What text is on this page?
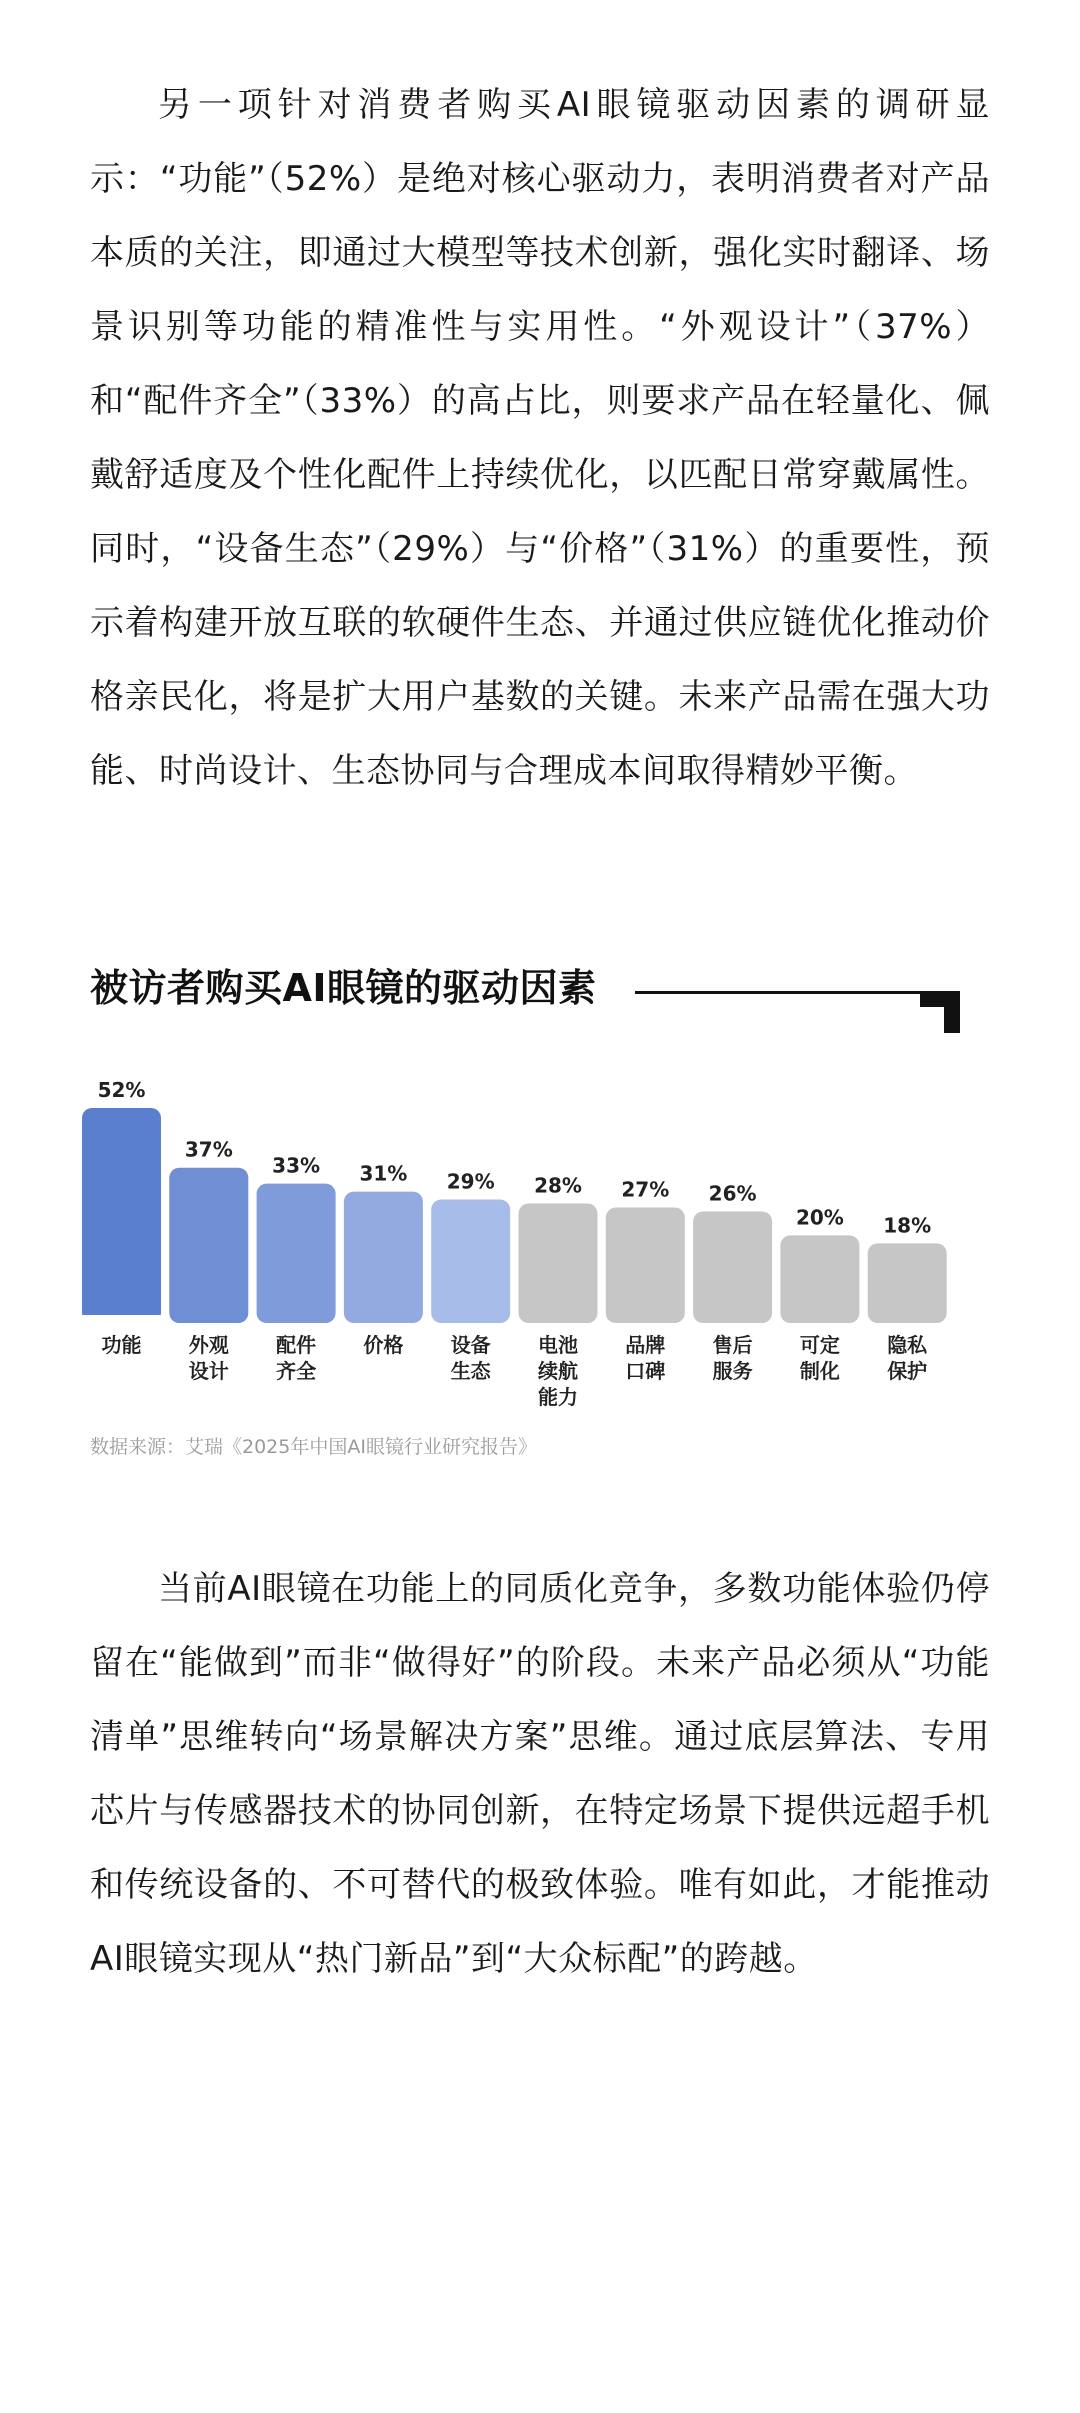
另一项针对消费者购买AI眼镜驱动因素的调研显示：“功能”（52%）是绝对核心驱动力，表明消费者对产品本质的关注，即通过大模型等技术创新，强化实时翻译、场景识别等功能的精准性与实用性。“外观设计”（37%）和“配件齐全”（33%）的高占比，则要求产品在轻量化、佩戴舒适度及个性化配件上持续优化，以匹配日常穿戴属性。同时，“设备生态”（29%）与“价格”（31%）的重要性，预示着构建开放互联的软硬件生态、并通过供应链优化推动价格亲民化，将是扩大用户基数的关键。未来产品需在强大功能、时尚设计、生态协同与合理成本间取得精妙平衡。

被访者购买AI眼镜的驱动因素
52%
功能
37%
外观
设计
33%
配件
齐全
31%
价格
29%
设备
生态
28%
电池
续航
能力
27%
品牌
口碑
26%
售后
服务
20%
可定
制化
18%
隐私
保护

数据来源：艾瑞《2025年中国AI眼镜行业研究报告》

当前AI眼镜在功能上的同质化竞争，多数功能体验仍停留在“能做到”而非“做得好”的阶段。未来产品必须从“功能清单”思维转向“场景解决方案”思维。通过底层算法、专用芯片与传感器技术的协同创新，在特定场景下提供远超手机和传统设备的、不可替代的极致体验。唯有如此，才能推动AI眼镜实现从“热门新品”到“大众标配”的跨越。
